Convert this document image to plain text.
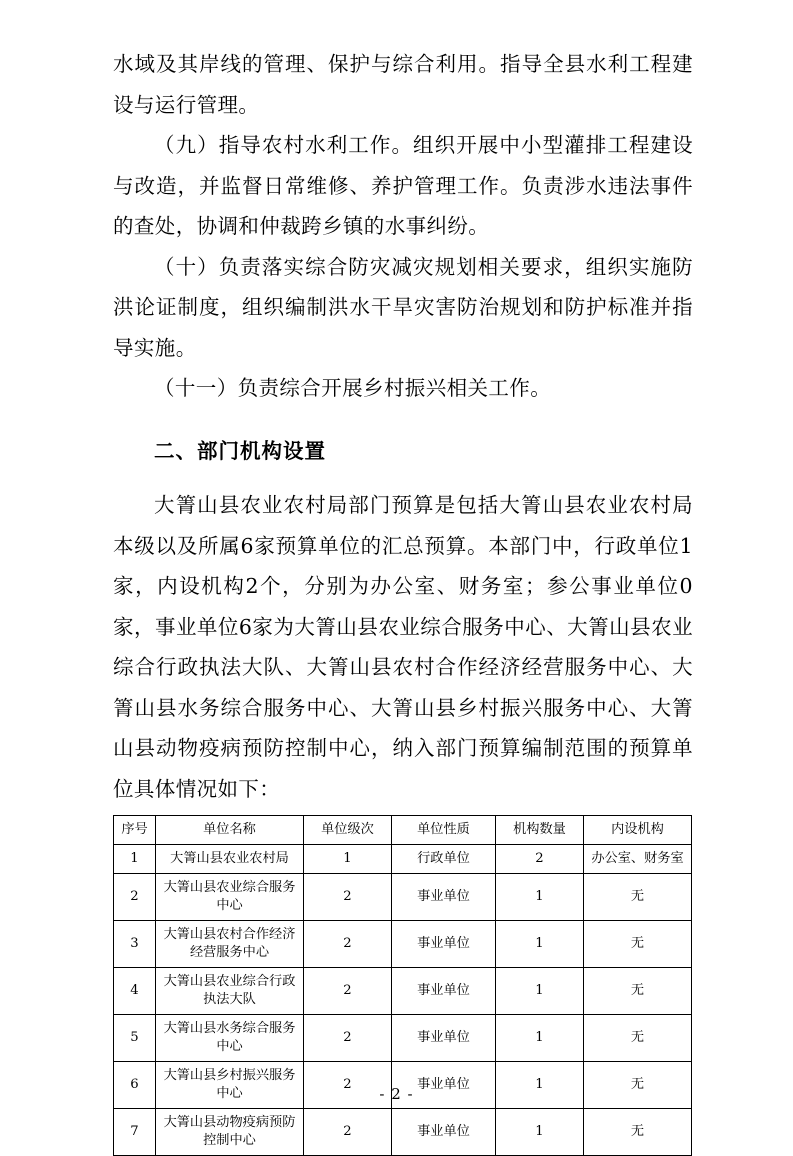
水域及其岸线的管理、保护与综合利用。指导全县水利工程建设与运行管理。

（九）指导农村水利工作。组织开展中小型灌排工程建设与改造，并监督日常维修、养护管理工作。负责涉水违法事件的查处，协调和仲裁跨乡镇的水事纠纷。

（十）负责落实综合防灾减灾规划相关要求，组织实施防洪论证制度，组织编制洪水干旱灾害防治规划和防护标准并指导实施。

（十一）负责综合开展乡村振兴相关工作。

二、部门机构设置

大箐山县农业农村局部门预算是包括大箐山县农业农村局本级以及所属6家预算单位的汇总预算。本部门中，行政单位1家，内设机构2个，分别为办公室、财务室；参公事业单位0家，事业单位6家为大箐山县农业综合服务中心、大箐山县农业综合行政执法大队、大箐山县农村合作经济经营服务中心、大箐山县水务综合服务中心、大箐山县乡村振兴服务中心、大箐山县动物疫病预防控制中心，纳入部门预算编制范围的预算单位具体情况如下：

序号	单位名称	单位级次	单位性质	机构数量	内设机构
1	大箐山县农业农村局	1	行政单位	2	办公室、财务室
2	大箐山县农业综合服务中心	2	事业单位	1	无
3	大箐山县农村合作经济经营服务中心	2	事业单位	1	无
4	大箐山县农业综合行政执法大队	2	事业单位	1	无
5	大箐山县水务综合服务中心	2	事业单位	1	无
6	大箐山县乡村振兴服务中心	2	事业单位	1	无
7	大箐山县动物疫病预防控制中心	2	事业单位	1	无
- 2 -
